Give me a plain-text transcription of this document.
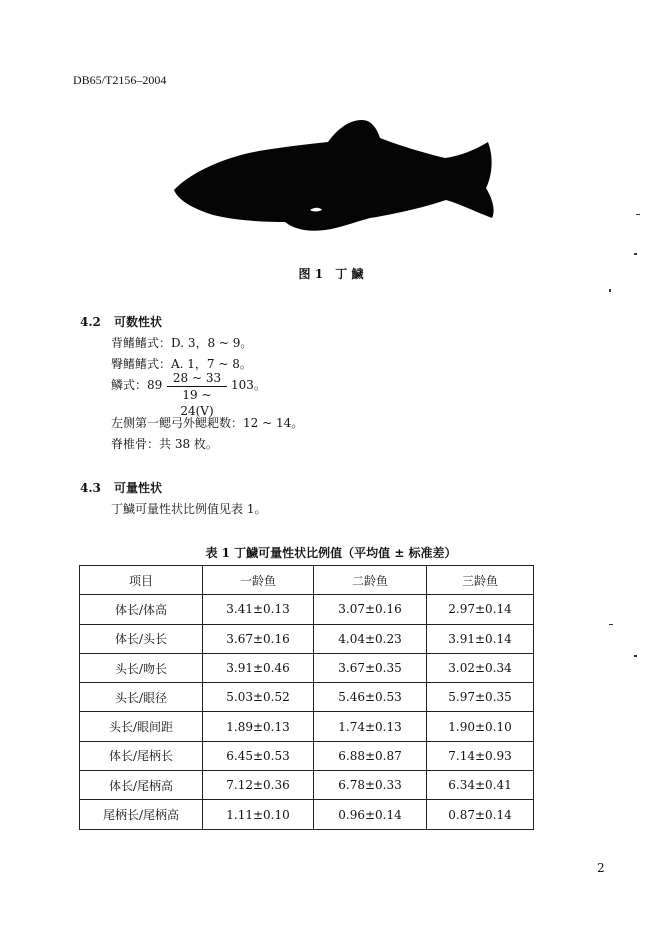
DB65/T2156–2004
图 1 丁 鱥
4.2 可数性状
背鳍鳍式：D. 3，8 ~ 9。
臀鳍鳍式：A. 1，7 ~ 8。
鳞式：89 28 ~ 33
19 ~ 24(V)
103。
左侧第一鳃弓外鳃耙数：12 ~ 14。
脊椎骨：共 38 枚。
4.3 可量性状
丁鱥可量性状比例值见表 1。
表 1 丁鱥可量性状比例值（平均值 ± 标准差）
项目	一龄鱼	二龄鱼	三龄鱼
体长/体高	3.41±0.13	3.07±0.16	2.97±0.14
体长/头长	3.67±0.16	4.04±0.23	3.91±0.14
头长/吻长	3.91±0.46	3.67±0.35	3.02±0.34
头长/眼径	5.03±0.52	5.46±0.53	5.97±0.35
头长/眼间距	1.89±0.13	1.74±0.13	1.90±0.10
体长/尾柄长	6.45±0.53	6.88±0.87	7.14±0.93
体长/尾柄高	7.12±0.36	6.78±0.33	6.34±0.41
尾柄长/尾柄高	1.11±0.10	0.96±0.14	0.87±0.14
2
